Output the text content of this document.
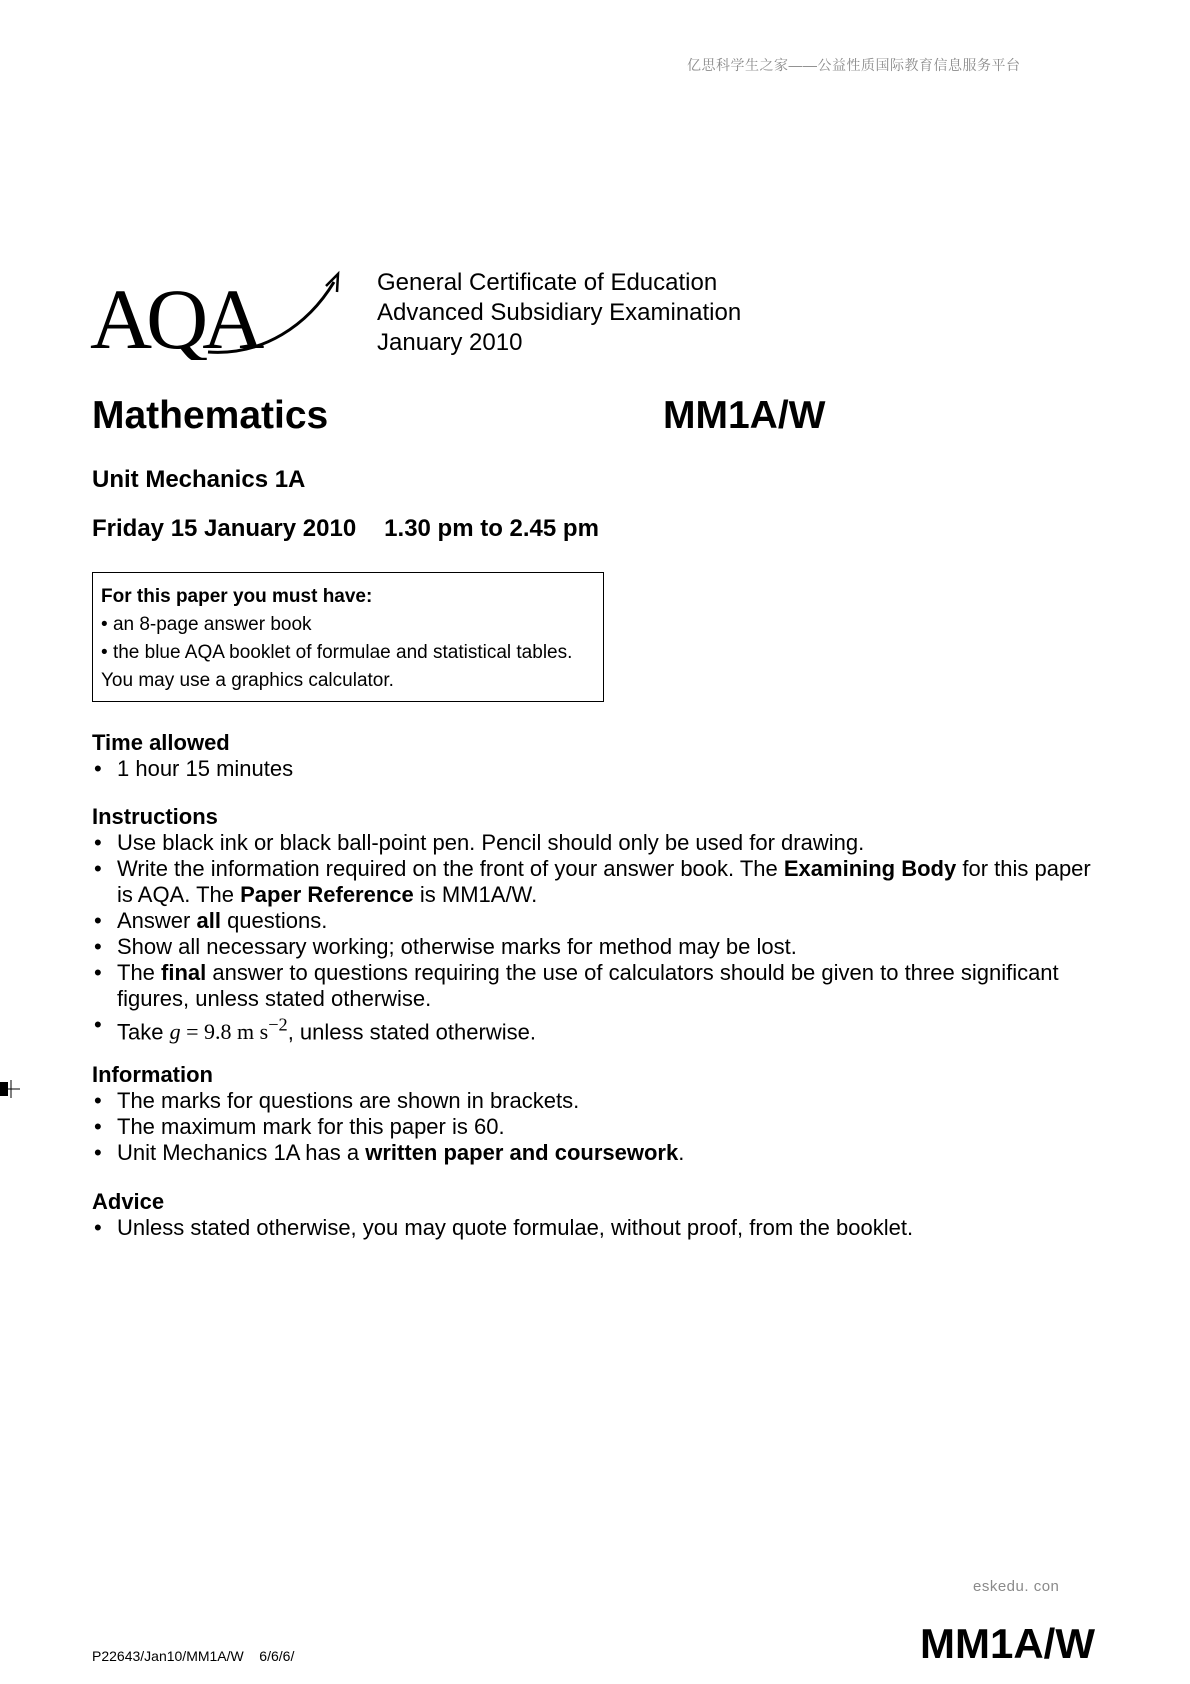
亿思科学生之家——公益性质国际教育信息服务平台
AQA	General Certificate of Education
Advanced Subsidiary Examination
January 2010
Mathematics	MM1A/W
Unit Mechanics 1A
Friday 15 January 2010 1.30 pm to 2.45 pm
For this paper you must have:
• an 8-page answer book
• the blue AQA booklet of formulae and statistical tables.
You may use a graphics calculator.
Time allowed
• 1 hour 15 minutes
Instructions
• Use black ink or black ball-point pen. Pencil should only be used for drawing.
• Write the information required on the front of your answer book. The Examining Body for this paper is AQA. The Paper Reference is MM1A/W.
• Answer all questions.
• Show all necessary working; otherwise marks for method may be lost.
• The final answer to questions requiring the use of calculators should be given to three significant figures, unless stated otherwise.
• Take g = 9.8 m $s^{-2}$, unless stated otherwise.
Information
• The marks for questions are shown in brackets.
• The maximum mark for this paper is 60.
• Unit Mechanics 1A has a written paper and coursework.
Advice
• Unless stated otherwise, you may quote formulae, without proof, from the booklet.
eskedu. con
P22643/Jan10/MM1A/W    6/6/6/	MM1A/W
